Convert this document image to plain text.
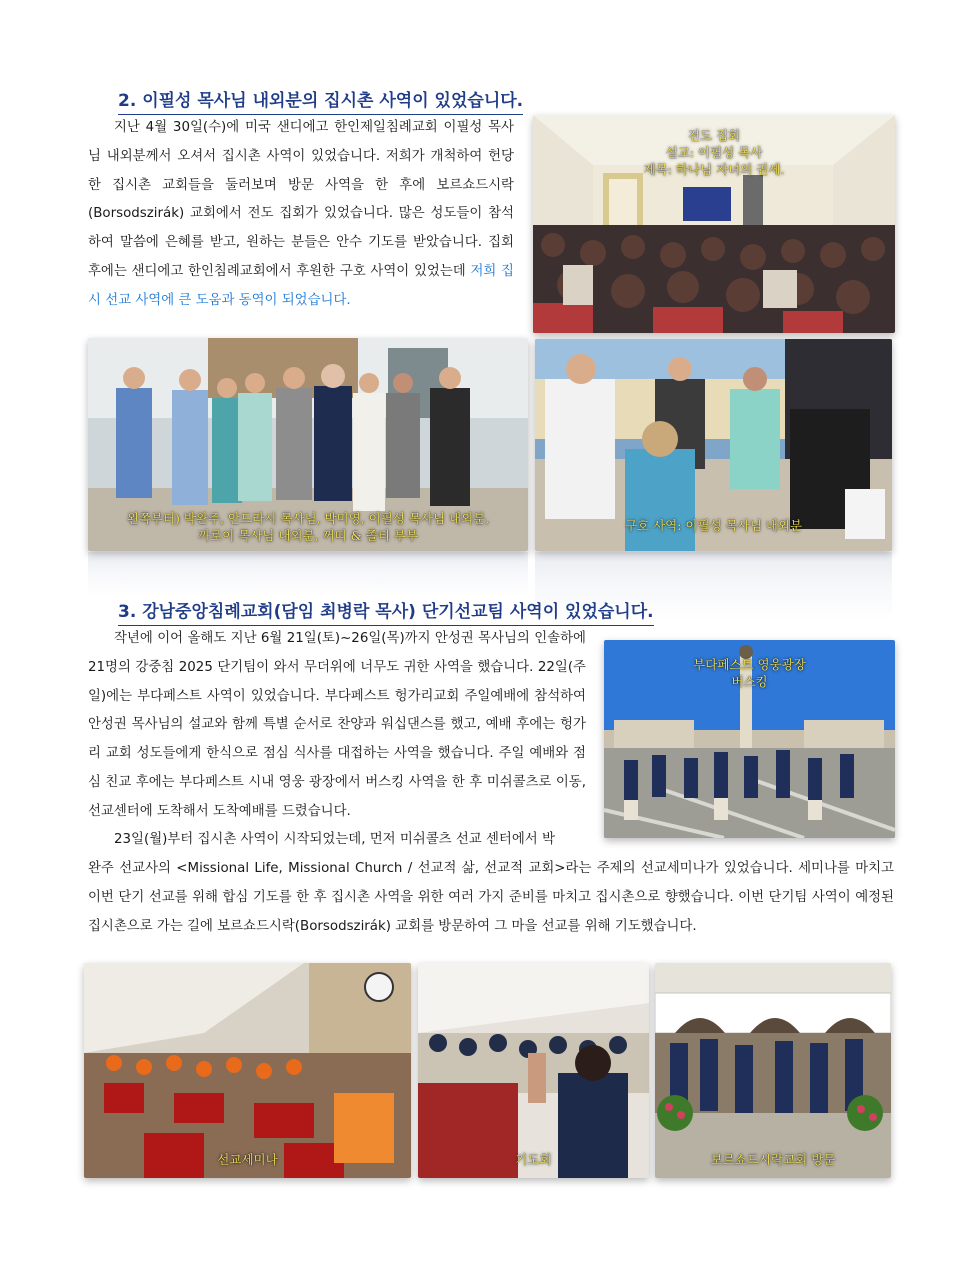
2. 이필성 목사님 내외분의 집시촌 사역이 있었습니다.

지난 4월 30일(수)에 미국 샌디에고 한인제일침례교회 이필성 목사님 내외분께서 오셔서 집시촌 사역이 있었습니다. 저희가 개척하여 헌당한 집시촌 교회들을 둘러보며 방문 사역을 한 후에 보르쇼드시락(Borsodszirák) 교회에서 전도 집회가 있었습니다. 많은 성도들이 참석하여 말씀에 은혜를 받고, 원하는 분들은 안수 기도를 받았습니다. 집회 후에는 샌디에고 한인침례교회에서 후원한 구호 사역이 있었는데 저희 집시 선교 사역에 큰 도움과 동역이 되었습니다.

전도 집회
설교: 이필성 목사
제목: 하나님 자녀의 권세.
왼쪽부터) 박완주, 안드라시 목사님, 박미영, 이필성 목사님 내외분,
까로이 목사님 내외분, 꺼띠 & 졸티 부부
구호 사역: 이필성 목사님 내외분
3. 강남중앙침례교회(담임 최병락 목사) 단기선교팀 사역이 있었습니다.

작년에 이어 올해도 지난 6월 21일(토)~26일(목)까지 안성권 목사님의 인솔하에 21명의 강중침 2025 단기팀이 와서 무더위에 너무도 귀한 사역을 했습니다. 22일(주일)에는 부다페스트 사역이 있었습니다. 부다페스트 헝가리교회 주일예배에 참석하여 안성권 목사님의 설교와 함께 특별 순서로 찬양과 워십댄스를 했고, 예배 후에는 헝가리 교회 성도들에게 한식으로 점심 식사를 대접하는 사역을 했습니다. 주일 예배와 점심 친교 후에는 부다페스트 시내 영웅 광장에서 버스킹 사역을 한 후 미쉬콜츠로 이동, 선교센터에 도착해서 도착예배를 드렸습니다.

23일(월)부터 집시촌 사역이 시작되었는데, 먼저 미쉬콜츠 선교 센터에서 박

완주 선교사의 <Missional Life, Missional Church / 선교적 삶, 선교적 교회>라는 주제의 선교세미나가 있었습니다. 세미나를 마치고 이번 단기 선교를 위해 합심 기도를 한 후 집시촌 사역을 위한 여러 가지 준비를 마치고 집시촌으로 향했습니다. 이번 단기팀 사역이 예정된 집시촌으로 가는 길에 보르쇼드시락(Borsodszirák) 교회를 방문하여 그 마을 선교를 위해 기도했습니다.

부다페스트 영웅광장
버스킹
선교세미나	기도회	보르쇼드시락교회 방문
